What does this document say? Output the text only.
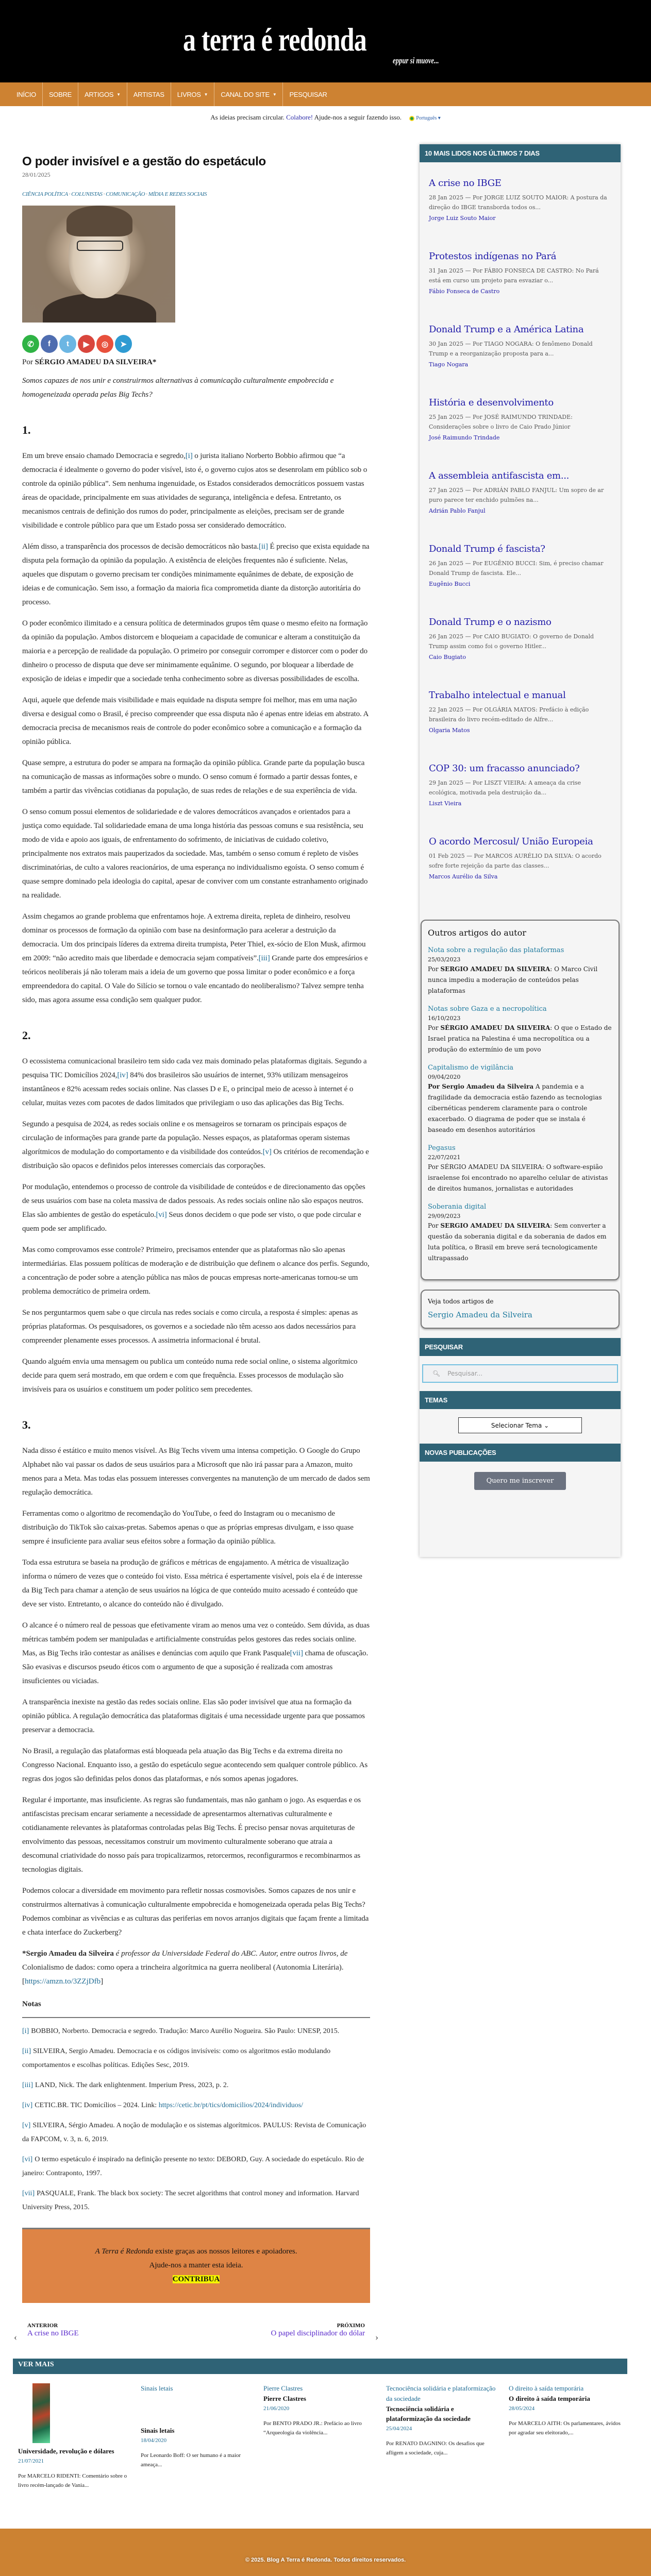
a terra é redonda
eppur si muove...
INÍCIO SOBRE ARTIGOS ▼ ARTISTAS LIVROS ▼ CANAL DO SITE ▼ PESQUISAR
As ideias precisam circular. Colabore! Ajude-nos a seguir fazendo isso.	Português ▾
O poder invisível e a gestão do espetáculo
28/01/2025
CIÊNCIA POLÍTICA · COLUNISTAS · COMUNICAÇÃO · MÍDIA E REDES SOCIAIS
✆	f	t	▶	◎	➤
Por SÉRGIO AMADEU DA SILVEIRA*

Somos capazes de nos unir e construirmos alternativas à comunicação culturalmente empobrecida e homogeneizada operada pelas Big Techs?

1.

Em um breve ensaio chamado Democracia e segredo,[i] o jurista italiano Norberto Bobbio afirmou que “a democracia é idealmente o governo do poder visível, isto é, o governo cujos atos se desenrolam em público sob o controle da opinião pública”. Sem nenhuma ingenuidade, os Estados considerados democráticos possuem vastas áreas de opacidade, principalmente em suas atividades de segurança, inteligência e defesa. Entretanto, os mecanismos centrais de definição dos rumos do poder, principalmente as eleições, precisam ser de grande visibilidade e controle público para que um Estado possa ser considerado democrático.

Além disso, a transparência dos processos de decisão democráticos não basta.[ii] É preciso que exista equidade na disputa pela formação da opinião da população. A existência de eleições frequentes não é suficiente. Nelas, aqueles que disputam o governo precisam ter condições minimamente equânimes de debate, de exposição de ideias e de comunicação. Sem isso, a formação da maioria fica comprometida diante da distorção autoritária do processo.

O poder econômico ilimitado e a censura política de determinados grupos têm quase o mesmo efeito na formação da opinião da população. Ambos distorcem e bloqueiam a capacidade de comunicar e alteram a constituição da maioria e a percepção de realidade da população. O primeiro por conseguir corromper e distorcer com o poder do dinheiro o processo de disputa que deve ser minimamente equânime. O segundo, por bloquear a liberdade de exposição de ideias e impedir que a sociedade tenha conhecimento sobre as diversas possibilidades de escolha.

Aqui, aquele que defende mais visibilidade e mais equidade na disputa sempre foi melhor, mas em uma nação diversa e desigual como o Brasil, é preciso compreender que essa disputa não é apenas entre ideias em abstrato. A democracia precisa de mecanismos reais de controle do poder econômico sobre a comunicação e a formação da opinião pública.

Quase sempre, a estrutura do poder se ampara na formação da opinião pública. Grande parte da população busca na comunicação de massas as informações sobre o mundo. O senso comum é formado a partir dessas fontes, e também a partir das vivências cotidianas da população, de suas redes de relações e de sua experiência de vida.

O senso comum possui elementos de solidariedade e de valores democráticos avançados e orientados para a justiça como equidade. Tal solidariedade emana de uma longa história das pessoas comuns e sua resistência, seu modo de vida e apoio aos iguais, de enfrentamento do sofrimento, de iniciativas de cuidado coletivo, principalmente nos extratos mais pauperizados da sociedade. Mas, também o senso comum é repleto de visões discriminatórias, de culto a valores reacionários, de uma esperança no individualismo egoísta. O senso comum é quase sempre dominado pela ideologia do capital, apesar de conviver com um constante estranhamento originado na realidade.

Assim chegamos ao grande problema que enfrentamos hoje. A extrema direita, repleta de dinheiro, resolveu dominar os processos de formação da opinião com base na desinformação para acelerar a destruição da democracia. Um dos principais líderes da extrema direita trumpista, Peter Thiel, ex-sócio de Elon Musk, afirmou em 2009: “não acredito mais que liberdade e democracia sejam compatíveis”.[iii] Grande parte dos empresários e teóricos neoliberais já não toleram mais a ideia de um governo que possa limitar o poder econômico e a força empreendedora do capital. O Vale do Silício se tornou o vale encantado do neoliberalismo? Talvez sempre tenha sido, mas agora assume essa condição sem qualquer pudor.

2.

O ecossistema comunicacional brasileiro tem sido cada vez mais dominado pelas plataformas digitais. Segundo a pesquisa TIC Domicílios 2024,[iv] 84% dos brasileiros são usuários de internet, 93% utilizam mensageiros instantâneos e 82% acessam redes sociais online. Nas classes D e E, o principal meio de acesso à internet é o celular, muitas vezes com pacotes de dados limitados que privilegiam o uso das aplicações das Big Techs.

Segundo a pesquisa de 2024, as redes sociais online e os mensageiros se tornaram os principais espaços de circulação de informações para grande parte da população. Nesses espaços, as plataformas operam sistemas algorítmicos de modulação do comportamento e da visibilidade dos conteúdos.[v] Os critérios de recomendação e distribuição são opacos e definidos pelos interesses comerciais das corporações.

Por modulação, entendemos o processo de controle da visibilidade de conteúdos e de direcionamento das opções de seus usuários com base na coleta massiva de dados pessoais. As redes sociais online não são espaços neutros. Elas são ambientes de gestão do espetáculo.[vi] Seus donos decidem o que pode ser visto, o que pode circular e quem pode ser amplificado.

Mas como comprovamos esse controle? Primeiro, precisamos entender que as plataformas não são apenas intermediárias. Elas possuem políticas de moderação e de distribuição que definem o alcance dos perfis. Segundo, a concentração de poder sobre a atenção pública nas mãos de poucas empresas norte-americanas tornou-se um problema democrático de primeira ordem.

Se nos perguntarmos quem sabe o que circula nas redes sociais e como circula, a resposta é simples: apenas as próprias plataformas. Os pesquisadores, os governos e a sociedade não têm acesso aos dados necessários para compreender plenamente esses processos. A assimetria informacional é brutal.

Quando alguém envia uma mensagem ou publica um conteúdo numa rede social online, o sistema algorítmico decide para quem será mostrado, em que ordem e com que frequência. Esses processos de modulação são invisíveis para os usuários e constituem um poder político sem precedentes.

3.

Nada disso é estático e muito menos visível. As Big Techs vivem uma intensa competição. O Google do Grupo Alphabet não vai passar os dados de seus usuários para a Microsoft que não irá passar para a Amazon, muito menos para a Meta. Mas todas elas possuem interesses convergentes na manutenção de um mercado de dados sem regulação democrática.

Ferramentas como o algoritmo de recomendação do YouTube, o feed do Instagram ou o mecanismo de distribuição do TikTok são caixas-pretas. Sabemos apenas o que as próprias empresas divulgam, e isso quase sempre é insuficiente para avaliar seus efeitos sobre a formação da opinião pública.

Toda essa estrutura se baseia na produção de gráficos e métricas de engajamento. A métrica de visualização informa o número de vezes que o conteúdo foi visto. Essa métrica é espertamente visível, pois ela é de interesse da Big Tech para chamar a atenção de seus usuários na lógica de que conteúdo muito acessado é conteúdo que deve ser visto. Entretanto, o alcance do conteúdo não é divulgado.

O alcance é o número real de pessoas que efetivamente viram ao menos uma vez o conteúdo. Sem dúvida, as duas métricas também podem ser manipuladas e artificialmente construídas pelos gestores das redes sociais online. Mas, as Big Techs irão contestar as análises e denúncias com aquilo que Frank Pasquale[vii] chama de ofuscação. São evasivas e discursos pseudo éticos com o argumento de que a suposição é realizada com amostras insuficientes ou viciadas.

A transparência inexiste na gestão das redes sociais online. Elas são poder invisível que atua na formação da opinião pública. A regulação democrática das plataformas digitais é uma necessidade urgente para que possamos preservar a democracia.

No Brasil, a regulação das plataformas está bloqueada pela atuação das Big Techs e da extrema direita no Congresso Nacional. Enquanto isso, a gestão do espetáculo segue acontecendo sem qualquer controle público. As regras dos jogos são definidas pelos donos das plataformas, e nós somos apenas jogadores.

Regular é importante, mas insuficiente. As regras são fundamentais, mas não ganham o jogo. As esquerdas e os antifascistas precisam encarar seriamente a necessidade de apresentarmos alternativas culturalmente e cotidianamente relevantes às plataformas controladas pelas Big Techs. É preciso pensar novas arquiteturas de envolvimento das pessoas, necessitamos construir um movimento culturalmente soberano que atraia a descomunal criatividade do nosso país para tropicalizarmos, retorcermos, reconfigurarmos e recombinarmos as tecnologias digitais.

Podemos colocar a diversidade em movimento para refletir nossas cosmovisões. Somos capazes de nos unir e construirmos alternativas à comunicação culturalmente empobrecida e homogeneizada operada pelas Big Techs? Podemos combinar as vivências e as culturas das periferias em novos arranjos digitais que façam frente a limitada e chata interface do Zuckerberg?

*Sergio Amadeu da Silveira é professor da Universidade Federal do ABC. Autor, entre outros livros, de Colonialismo de dados: como opera a trincheira algorítmica na guerra neoliberal (Autonomia Literária). [https://amzn.to/3ZZjDfb]

Notas

[i] BOBBIO, Norberto. Democracia e segredo. Tradução: Marco Aurélio Nogueira. São Paulo: UNESP, 2015.

[ii] SILVEIRA, Sergio Amadeu. Democracia e os códigos invisíveis: como os algoritmos estão modulando comportamentos e escolhas políticas. Edições Sesc, 2019.

[iii] LAND, Nick. The dark enlightenment. Imperium Press, 2023, p. 2.

[iv] CETIC.BR. TIC Domicílios – 2024. Link: https://cetic.br/pt/tics/domicilios/2024/individuos/

[v] SILVEIRA, Sérgio Amadeu. A noção de modulação e os sistemas algorítmicos. PAULUS: Revista de Comunicação da FAPCOM, v. 3, n. 6, 2019.

[vi] O termo espetáculo é inspirado na definição presente no texto: DEBORD, Guy. A sociedade do espetáculo. Rio de janeiro: Contraponto, 1997.

[vii] PASQUALE, Frank. The black box society: The secret algorithms that control money and information. Harvard University Press, 2015.

A Terra é Redonda existe graças aos nossos leitores e apoiadores.
Ajude-nos a manter esta ideia.
CONTRIBUA
‹
ANTERIOR
A crise no IBGE
PRÓXIMO
O papel disciplinador do dólar ›
10 MAIS LIDOS NOS ÚLTIMOS 7 DIAS
A crise no IBGE
28 Jan 2025 — Por JORGE LUIZ SOUTO MAIOR: A postura da direção do IBGE transborda todos os...
Jorge Luiz Souto Maior
Protestos indígenas no Pará
31 Jan 2025 — Por FÁBIO FONSECA DE CASTRO: No Pará está em curso um projeto para esvaziar o...
Fábio Fonseca de Castro
Donald Trump e a América Latina
30 Jan 2025 — Por TIAGO NOGARA: O fenômeno Donald Trump e a reorganização proposta para a...
Tiago Nogara
História e desenvolvimento
25 Jan 2025 — Por JOSÉ RAIMUNDO TRINDADE: Considerações sobre o livro de Caio Prado Júnior
José Raimundo Trindade
A assembleia antifascista em...
27 Jan 2025 — Por ADRIÁN PABLO FANJUL: Um sopro de ar puro parece ter enchido pulmões na...
Adrián Pablo Fanjul
Donald Trump é fascista?
26 Jan 2025 — Por EUGÊNIO BUCCI: Sim, é preciso chamar Donald Trump de fascista. Ele...
Eugênio Bucci
Donald Trump e o nazismo
26 Jan 2025 — Por CAIO BUGIATO: O governo de Donald Trump assim como foi o governo Hitler...
Caio Bugiato
Trabalho intelectual e manual
22 Jan 2025 — Por OLGÁRIA MATOS: Prefácio à edição brasileira do livro recém-editado de Alfre...
Olgaria Matos
COP 30: um fracasso anunciado?
29 Jan 2025 — Por LISZT VIEIRA: A ameaça da crise ecológica, motivada pela destruição da...
Liszt Vieira
O acordo Mercosul/ União Europeia
01 Feb 2025 — Por MARCOS AURÉLIO DA SILVA: O acordo sofre forte rejeição da parte das classes...
Marcos Aurélio da Silva
Outros artigos do autor
Nota sobre a regulação das plataformas
25/03/2023
Por SERGIO AMADEU DA SILVEIRA: O Marco Civil nunca impediu a moderação de conteúdos pelas plataformas
Notas sobre Gaza e a necropolítica
16/10/2023
Por SÉRGIO AMADEU DA SILVEIRA: O que o Estado de Israel pratica na Palestina é uma necropolítica ou a produção do extermínio de um povo
Capitalismo de vigilância
09/04/2020
Por Sergio Amadeu da Silveira A pandemia e a fragilidade da democracia estão fazendo as tecnologias cibernéticas penderem claramente para o controle exacerbado. O diagrama de poder que se instala é baseado em desenhos autoritários
Pegasus
22/07/2021
Por SÉRGIO AMADEU DA SILVEIRA: O software-espião israelense foi encontrado no aparelho celular de ativistas de direitos humanos, jornalistas e autoridades
Soberania digital
29/09/2023
Por SERGIO AMADEU DA SILVEIRA: Sem converter a questão da soberania digital e da soberania de dados em luta política, o Brasil em breve será tecnologicamente ultrapassado
Veja todos artigos de
Sergio Amadeu da Silveira
PESQUISAR
🔍︎ Pesquisar...
TEMAS
Selecionar Tema ⌄
NOVAS PUBLICAÇÕES
Quero me inscrever
VER MAIS
Universidade, revolução e dólares
21/07/2021
Por MARCELO RIDENTI: Comentário sobre o livro recém-lançado de Vania...
Sinais letais
Sinais letais
18/04/2020
Por Leonardo Boff: O ser humano é a maior ameaça...
Pierre Clastres
Pierre Clastres
21/06/2020
Por BENTO PRADO JR.: Prefácio ao livro “Arqueologia da violência...
Tecnociência solidária e plataformização da sociedade
Tecnociência solidária e plataformização da sociedade
25/04/2024
Por RENATO DAGNINO: Os desafios que afligem a sociedade, cuja...
O direito à saída temporária
O direito à saída temporária
28/05/2024
Por MARCELO AITH: Os parlamentares, ávidos por agradar seu eleitorado,...
© 2025. Blog A Terra é Redonda. Todos direitos reservados.
